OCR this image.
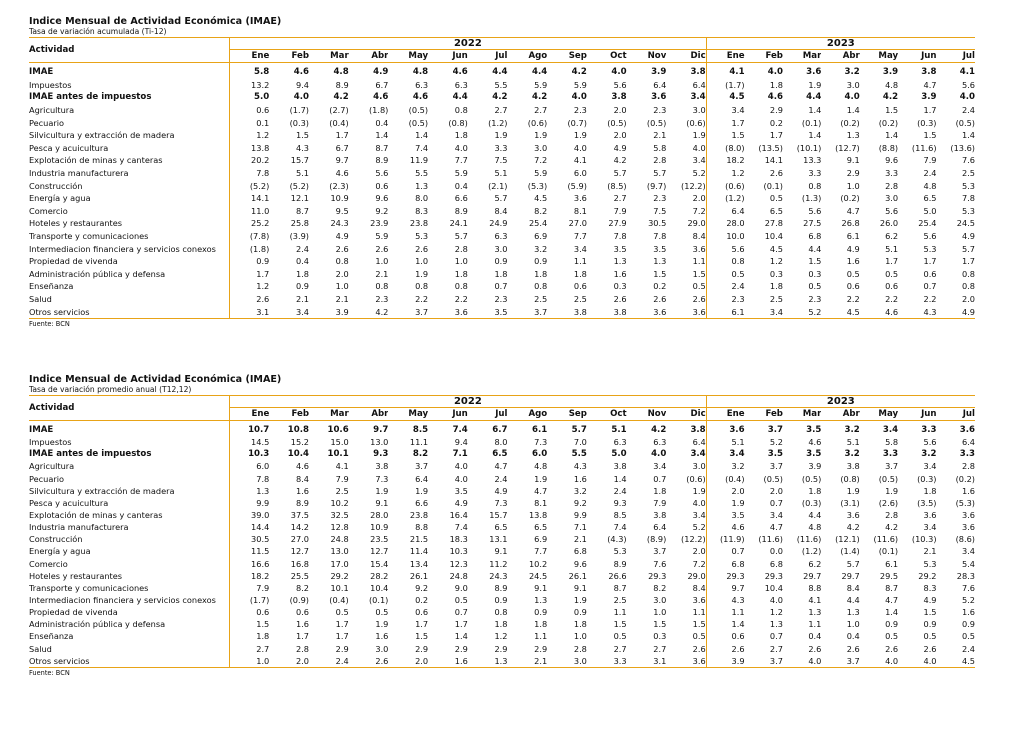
Indice Mensual de Actividad Económica (IMAE)
Tasa de variación acumulada (Ti-12)
Actividad	2022												2023						
	Ene	Feb	Mar	Abr	May	Jun	Jul	Ago	Sep	Oct	Nov	Dic	Ene	Feb	Mar	Abr	May	Jun	Jul

IMAE	5.8	4.6	4.8	4.9	4.8	4.6	4.4	4.4	4.2	4.0	3.9	3.8	4.1	4.0	3.6	3.2	3.9	3.8	4.1
Impuestos	13.2	9.4	8.9	6.7	6.3	6.3	5.5	5.9	5.9	5.6	6.4	6.4	(1.7)	1.8	1.9	3.0	4.8	4.7	5.6
IMAE antes de impuestos	5.0	4.0	4.2	4.6	4.6	4.4	4.2	4.2	4.0	3.8	3.6	3.4	4.5	4.6	4.4	4.0	4.2	3.9	4.0
Agricultura	0.6	(1.7)	(2.7)	(1.8)	(0.5)	0.8	2.7	2.7	2.3	2.0	2.3	3.0	3.4	2.9	1.4	1.4	1.5	1.7	2.4
Pecuario	0.1	(0.3)	(0.4)	0.4	(0.5)	(0.8)	(1.2)	(0.6)	(0.7)	(0.5)	(0.5)	(0.6)	1.7	0.2	(0.1)	(0.2)	(0.2)	(0.3)	(0.5)
Silvicultura y extracción de madera	1.2	1.5	1.7	1.4	1.4	1.8	1.9	1.9	1.9	2.0	2.1	1.9	1.5	1.7	1.4	1.3	1.4	1.5	1.4
Pesca y acuicultura	13.8	4.3	6.7	8.7	7.4	4.0	3.3	3.0	4.0	4.9	5.8	4.0	(8.0)	(13.5)	(10.1)	(12.7)	(8.8)	(11.6)	(13.6)
Explotación de minas y canteras	20.2	15.7	9.7	8.9	11.9	7.7	7.5	7.2	4.1	4.2	2.8	3.4	18.2	14.1	13.3	9.1	9.6	7.9	7.6
Industria manufacturera	7.8	5.1	4.6	5.6	5.5	5.9	5.1	5.9	6.0	5.7	5.7	5.2	1.2	2.6	3.3	2.9	3.3	2.4	2.5
Construcción	(5.2)	(5.2)	(2.3)	0.6	1.3	0.4	(2.1)	(5.3)	(5.9)	(8.5)	(9.7)	(12.2)	(0.6)	(0.1)	0.8	1.0	2.8	4.8	5.3
Energía y agua	14.1	12.1	10.9	9.6	8.0	6.6	5.7	4.5	3.6	2.7	2.3	2.0	(1.2)	0.5	(1.3)	(0.2)	3.0	6.5	7.8
Comercio	11.0	8.7	9.5	9.2	8.3	8.9	8.4	8.2	8.1	7.9	7.5	7.2	6.4	6.5	5.6	4.7	5.6	5.0	5.3
Hoteles y restaurantes	25.2	25.8	24.3	23.9	23.8	24.1	24.9	25.4	27.0	27.9	30.5	29.0	28.0	27.8	27.5	26.8	26.0	25.4	24.5
Transporte y comunicaciones	(7.8)	(3.9)	4.9	5.9	5.3	5.7	6.3	6.9	7.7	7.8	7.8	8.4	10.0	10.4	6.8	6.1	6.2	5.6	4.9
Intermediacion financiera y servicios conexos	(1.8)	2.4	2.6	2.6	2.6	2.8	3.0	3.2	3.4	3.5	3.5	3.6	5.6	4.5	4.4	4.9	5.1	5.3	5.7
Propiedad de vivenda	0.9	0.4	0.8	1.0	1.0	1.0	0.9	0.9	1.1	1.3	1.3	1.1	0.8	1.2	1.5	1.6	1.7	1.7	1.7
Administración pública y defensa	1.7	1.8	2.0	2.1	1.9	1.8	1.8	1.8	1.8	1.6	1.5	1.5	0.5	0.3	0.3	0.5	0.5	0.6	0.8
Enseñanza	1.2	0.9	1.0	0.8	0.8	0.8	0.7	0.8	0.6	0.3	0.2	0.5	2.4	1.8	0.5	0.6	0.6	0.7	0.8
Salud	2.6	2.1	2.1	2.3	2.2	2.2	2.3	2.5	2.5	2.6	2.6	2.6	2.3	2.5	2.3	2.2	2.2	2.2	2.0
Otros servicios	3.1	3.4	3.9	4.2	3.7	3.6	3.5	3.7	3.8	3.8	3.6	3.6	6.1	3.4	5.2	4.5	4.6	4.3	4.9
Fuente: BCN
Indice Mensual de Actividad Económica (IMAE)
Tasa de variación promedio anual (T12,12)
Actividad	2022												2023						
	Ene	Feb	Mar	Abr	May	Jun	Jul	Ago	Sep	Oct	Nov	Dic	Ene	Feb	Mar	Abr	May	Jun	Jul

IMAE	10.7	10.8	10.6	9.7	8.5	7.4	6.7	6.1	5.7	5.1	4.2	3.8	3.6	3.7	3.5	3.2	3.4	3.3	3.6
Impuestos	14.5	15.2	15.0	13.0	11.1	9.4	8.0	7.3	7.0	6.3	6.3	6.4	5.1	5.2	4.6	5.1	5.8	5.6	6.4
IMAE antes de impuestos	10.3	10.4	10.1	9.3	8.2	7.1	6.5	6.0	5.5	5.0	4.0	3.4	3.4	3.5	3.5	3.2	3.3	3.2	3.3
Agricultura	6.0	4.6	4.1	3.8	3.7	4.0	4.7	4.8	4.3	3.8	3.4	3.0	3.2	3.7	3.9	3.8	3.7	3.4	2.8
Pecuario	7.8	8.4	7.9	7.3	6.4	4.0	2.4	1.9	1.6	1.4	0.7	(0.6)	(0.4)	(0.5)	(0.5)	(0.8)	(0.5)	(0.3)	(0.2)
Silvicultura y extracción de madera	1.3	1.6	2.5	1.9	1.9	3.5	4.9	4.7	3.2	2.4	1.8	1.9	2.0	2.0	1.8	1.9	1.9	1.8	1.6
Pesca y acuicultura	9.9	8.9	10.2	9.1	6.6	4.9	7.3	8.1	9.2	9.3	7.9	4.0	1.9	0.7	(0.3)	(3.1)	(2.6)	(3.5)	(5.3)
Explotación de minas y canteras	39.0	37.5	32.5	28.0	23.8	16.4	15.7	13.8	9.9	8.5	3.8	3.4	3.5	3.4	4.4	3.6	2.8	3.6	3.6
Industria manufacturera	14.4	14.2	12.8	10.9	8.8	7.4	6.5	6.5	7.1	7.4	6.4	5.2	4.6	4.7	4.8	4.2	4.2	3.4	3.6
Construcción	30.5	27.0	24.8	23.5	21.5	18.3	13.1	6.9	2.1	(4.3)	(8.9)	(12.2)	(11.9)	(11.6)	(11.6)	(12.1)	(11.6)	(10.3)	(8.6)
Energía y agua	11.5	12.7	13.0	12.7	11.4	10.3	9.1	7.7	6.8	5.3	3.7	2.0	0.7	0.0	(1.2)	(1.4)	(0.1)	2.1	3.4
Comercio	16.6	16.8	17.0	15.4	13.4	12.3	11.2	10.2	9.6	8.9	7.6	7.2	6.8	6.8	6.2	5.7	6.1	5.3	5.4
Hoteles y restaurantes	18.2	25.5	29.2	28.2	26.1	24.8	24.3	24.5	26.1	26.6	29.3	29.0	29.3	29.3	29.7	29.7	29.5	29.2	28.3
Transporte y comunicaciones	7.9	8.2	10.1	10.4	9.2	9.0	8.9	9.1	9.1	8.7	8.2	8.4	9.7	10.4	8.8	8.4	8.7	8.3	7.6
Intermediacion financiera y servicios conexos	(1.7)	(0.9)	(0.4)	(0.1)	0.2	0.5	0.9	1.3	1.9	2.5	3.0	3.6	4.3	4.0	4.1	4.4	4.7	4.9	5.2
Propiedad de vivenda	0.6	0.6	0.5	0.5	0.6	0.7	0.8	0.9	0.9	1.1	1.0	1.1	1.1	1.2	1.3	1.3	1.4	1.5	1.6
Administración pública y defensa	1.5	1.6	1.7	1.9	1.7	1.7	1.8	1.8	1.8	1.5	1.5	1.5	1.4	1.3	1.1	1.0	0.9	0.9	0.9
Enseñanza	1.8	1.7	1.7	1.6	1.5	1.4	1.2	1.1	1.0	0.5	0.3	0.5	0.6	0.7	0.4	0.4	0.5	0.5	0.5
Salud	2.7	2.8	2.9	3.0	2.9	2.9	2.9	2.9	2.8	2.7	2.7	2.6	2.6	2.7	2.6	2.6	2.6	2.6	2.4
Otros servicios	1.0	2.0	2.4	2.6	2.0	1.6	1.3	2.1	3.0	3.3	3.1	3.6	3.9	3.7	4.0	3.7	4.0	4.0	4.5
Fuente: BCN
